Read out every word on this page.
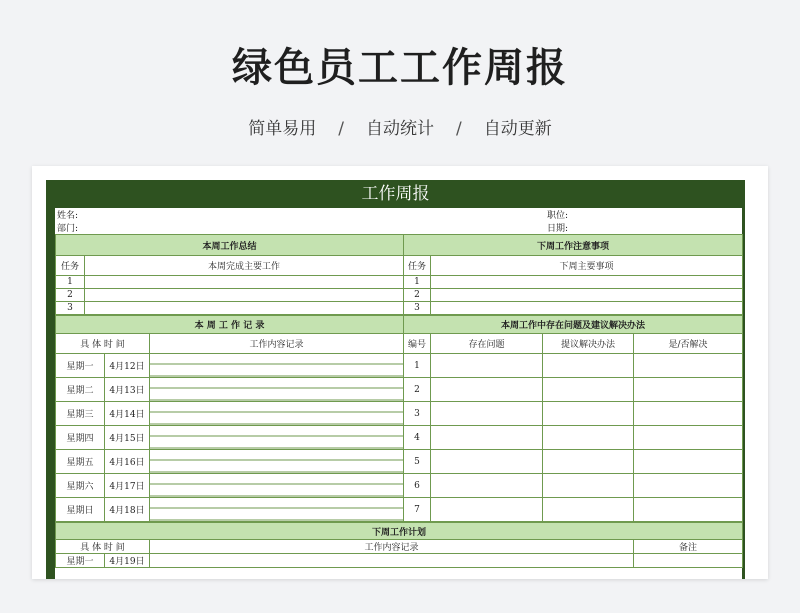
绿色员工工作周报
简单易用 / 自动统计 / 自动更新
工作周报
姓名:	职位:
部门:	日期:
本周工作总结		下周工作注意事项	
任务	本周完成主要工作	任务	下周主要事项
1		1	
2		2	
3		3	
本 周 工 作 记 录			本周工作中存在问题及建议解决办法			
具 体 时 间		工作内容记录	编号	存在问题	提议解决办法	是/否解决
星期一	4月12日		1			
星期二	4月13日		2			
星期三	4月14日		3			
星期四	4月15日		4			
星期五	4月16日		5			
星期六	4月17日		6			
星期日	4月18日		7			
下周工作计划			
具 体 时 间		工作内容记录	备注
星期一	4月19日		
